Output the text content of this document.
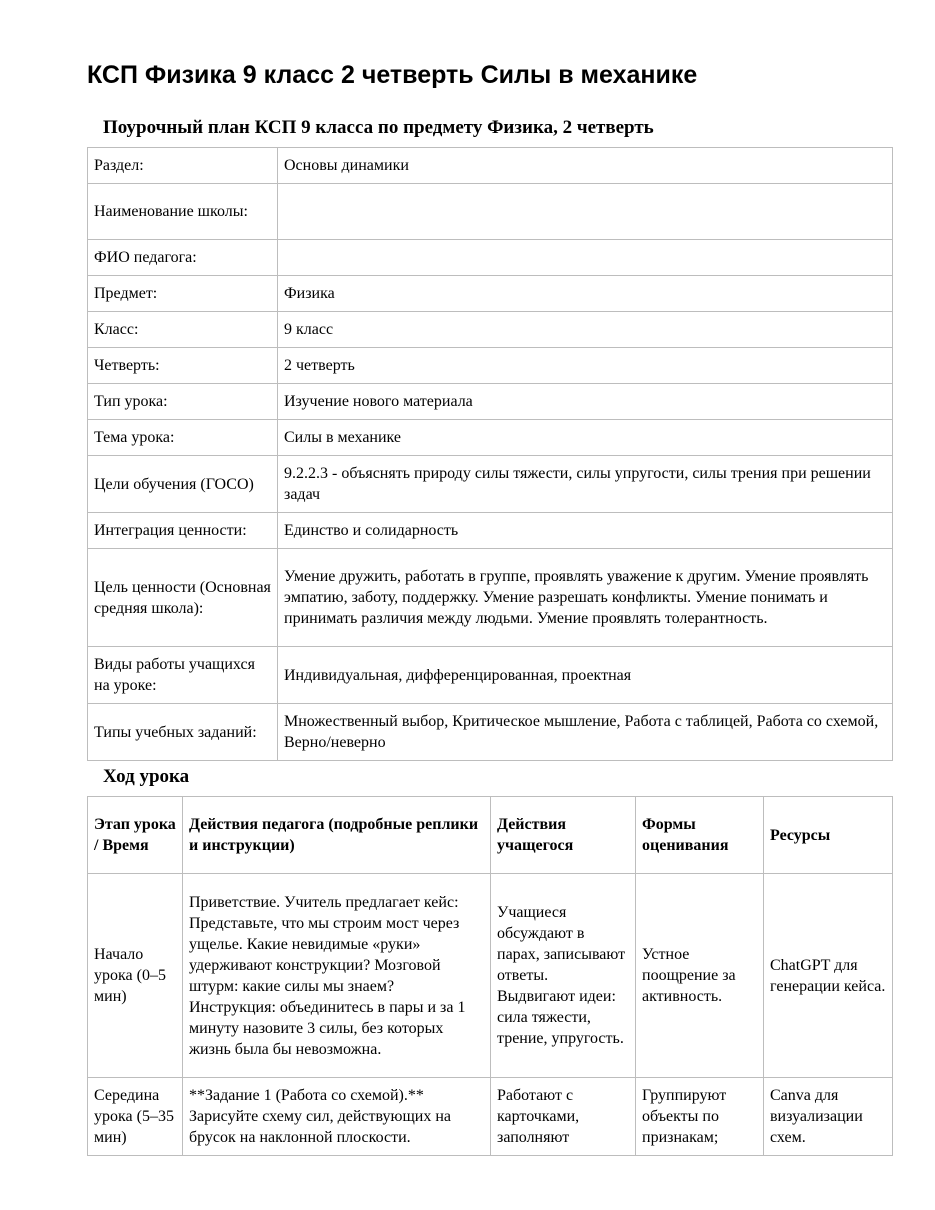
КСП Физика 9 класс 2 четверть Силы в механике
Поурочный план КСП 9 класса по предмету Физика, 2 четверть
Раздел:	Основы динамики
Наименование школы:	
ФИО педагога:	
Предмет:	Физика
Класс:	9 класс
Четверть:	2 четверть
Тип урока:	Изучение нового материала
Тема урока:	Силы в механике
Цели обучения (ГОСО)	9.2.2.3 - объяснять природу силы тяжести, силы упругости, силы трения при решении задач
Интеграция ценности:	Единство и солидарность
Цель ценности (Основная средняя школа):	Умение дружить, работать в группе, проявлять уважение к другим. Умение проявлять эмпатию, заботу, поддержку. Умение разрешать конфликты. Умение понимать и принимать различия между людьми. Умение проявлять толерантность.
Виды работы учащихся на уроке:	Индивидуальная, дифференцированная, проектная
Типы учебных заданий:	Множественный выбор, Критическое мышление, Работа с таблицей, Работа со схемой, Верно/неверно
Ход урока
Этап урока / Время	Действия педагога (подробные реплики и инструкции)	Действия учащегося	Формы оценивания	Ресурсы
Начало урока (0–5 мин)	Приветствие. Учитель предлагает кейс: Представьте, что мы строим мост через ущелье. Какие невидимые «руки» удерживают конструкции? Мозговой штурм: какие силы мы знаем? Инструкция: объединитесь в пары и за 1 минуту назовите 3 силы, без которых жизнь была бы невозможна.	Учащиеся обсуждают в парах, записывают ответы. Выдвигают идеи: сила тяжести, трение, упругость.	Устное поощрение за активность.	ChatGPT для генерации кейса.
Середина урока (5–35 мин)	**Задание 1 (Работа со схемой).** Зарисуйте схему сил, действующих на брусок на наклонной плоскости.	Работают с карточками, заполняют	Группируют объекты по признакам;	Canva для визуализации схем.
